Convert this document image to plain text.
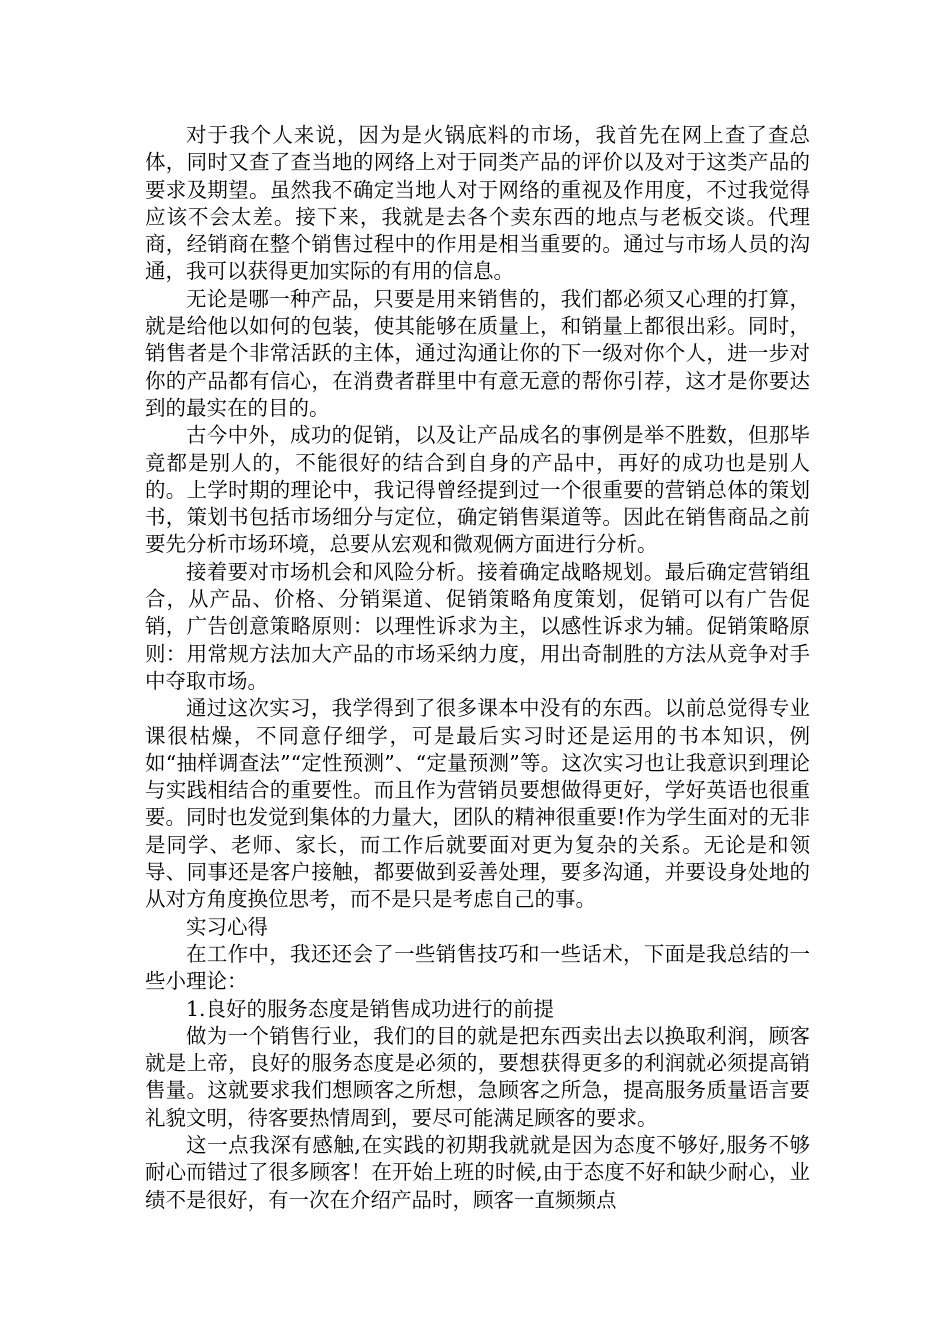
对于我个人来说，因为是火锅底料的市场，我首先在网上查了查总体，同时又查了查当地的网络上对于同类产品的评价以及对于这类产品的要求及期望。虽然我不确定当地人对于网络的重视及作用度，不过我觉得应该不会太差。接下来，我就是去各个卖东西的地点与老板交谈。代理商，经销商在整个销售过程中的作用是相当重要的。通过与市场人员的沟通，我可以获得更加实际的有用的信息。

无论是哪一种产品，只要是用来销售的，我们都必须又心理的打算，就是给他以如何的包装，使其能够在质量上，和销量上都很出彩。同时，销售者是个非常活跃的主体，通过沟通让你的下一级对你个人，进一步对你的产品都有信心，在消费者群里中有意无意的帮你引荐，这才是你要达到的最实在的目的。

古今中外，成功的促销，以及让产品成名的事例是举不胜数，但那毕竟都是别人的，不能很好的结合到自身的产品中，再好的成功也是别人的。上学时期的理论中，我记得曾经提到过一个很重要的营销总体的策划书，策划书包括市场细分与定位，确定销售渠道等。因此在销售商品之前要先分析市场环境，总要从宏观和微观俩方面进行分析。

接着要对市场机会和风险分析。接着确定战略规划。最后确定营销组合，从产品、价格、分销渠道、促销策略角度策划，促销可以有广告促销，广告创意策略原则：以理性诉求为主，以感性诉求为辅。促销策略原则：用常规方法加大产品的市场采纳力度，用出奇制胜的方法从竞争对手中夺取市场。

通过这次实习，我学得到了很多课本中没有的东西。以前总觉得专业课很枯燥，不同意仔细学，可是最后实习时还是运用的书本知识，例如“抽样调查法”“定性预测”、“定量预测”等。这次实习也让我意识到理论与实践相结合的重要性。而且作为营销员要想做得更好，学好英语也很重要。同时也发觉到集体的力量大，团队的精神很重要!作为学生面对的无非是同学、老师、家长，而工作后就要面对更为复杂的关系。无论是和领导、同事还是客户接触，都要做到妥善处理，要多沟通，并要设身处地的从对方角度换位思考，而不是只是考虑自己的事。

实习心得

在工作中，我还还会了一些销售技巧和一些话术，下面是我总结的一些小理论：

1.良好的服务态度是销售成功进行的前提

做为一个销售行业，我们的目的就是把东西卖出去以换取利润，顾客就是上帝，良好的服务态度是必须的，要想获得更多的利润就必须提高销售量。这就要求我们想顾客之所想，急顾客之所急，提高服务质量语言要礼貌文明，待客要热情周到，要尽可能满足顾客的要求。

这一点我深有感触,在实践的初期我就就是因为态度不够好,服务不够耐心而错过了很多顾客！在开始上班的时候,由于态度不好和缺少耐心，业绩不是很好，有一次在介绍产品时，顾客一直频频点
